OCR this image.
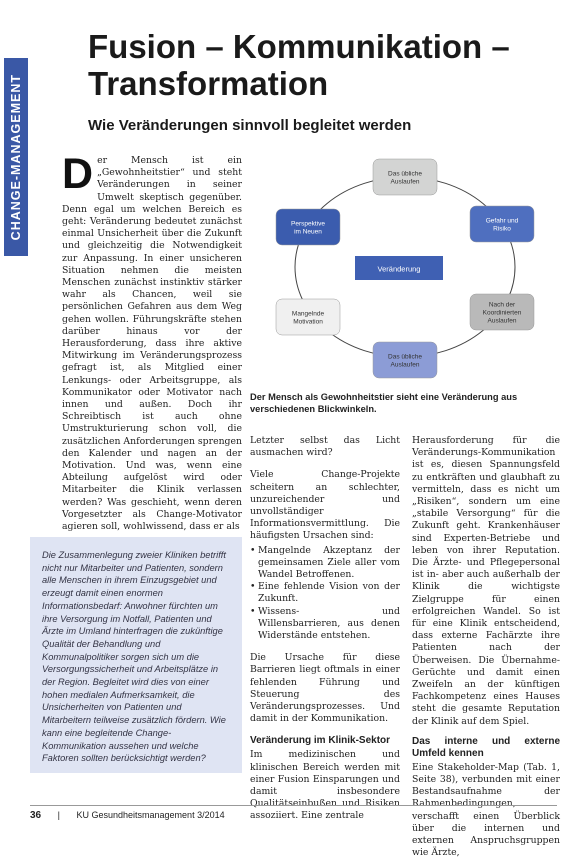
CHANGE-MANAGEMENT
Fusion – Kommunikation –
Transformation
Wie Veränderungen sinnvoll begleitet werden
D er Mensch ist ein „Gewohnheitstier“ und steht Veränderungen in seiner Umwelt skeptisch gegenüber. Denn egal um welchen Bereich es geht: Veränderung bedeutet zunächst einmal Unsicherheit über die Zukunft und gleichzeitig die Notwendigkeit zur Anpassung. In einer unsicheren Situation nehmen die meisten Menschen zunächst instinktiv stärker wahr als Chancen, weil sie persönlichen Gefahren aus dem Weg gehen wollen. Führungskräfte stehen darüber hinaus vor der Herausforderung, dass ihre aktive Mitwirkung im Veränderungsprozess gefragt ist, als Mitglied einer Lenkungs- oder Arbeitsgruppe, als Kommunikator oder Motivator nach innen und außen. Doch ihr Schreibtisch ist auch ohne Umstrukturierung schon voll, die zusätzlichen Anforderungen sprengen den Kalender und nagen an der Motivation. Und was, wenn eine Abteilung aufgelöst wird oder Mitarbeiter die Klinik verlassen werden? Was geschieht, wenn deren Vorgesetzter als Change-Motivator agieren soll, wohlwissend, dass er als

Die Zusammenlegung zweier Kliniken betrifft nicht nur Mitarbeiter und Patienten, sondern alle Menschen in ihrem Einzugsgebiet und erzeugt damit einen enormen Informationsbedarf: Anwohner fürchten um ihre Versorgung im Notfall, Patienten und Ärzte im Umland hinterfragen die zukünftige Qualität der Behandlung und Kommunalpolitiker sorgen sich um die Versorgungssicherheit und Arbeitsplätze in der Region. Begleitet wird dies von einer hohen medialen Aufmerksamkeit, die Unsicherheiten von Patienten und Mitarbeitern teilweise zusätzlich fördern. Wie kann eine begleitende Change-Kommunikation aussehen und welche Faktoren sollten berücksichtigt werden?

Das übliche
Auslaufen
Gefahr und
Risiko
Nach der
Koordinierten
Auslaufen
Das übliche
Auslaufen
Mangelnde
Motivation
Perspektive
im Neuen
Veränderung

Der Mensch als Gewohnheitstier sieht eine Veränderung aus verschiedenen Blickwinkeln.

Letzter selbst das Licht ausmachen wird?

Viele Change-Projekte scheitern an schlechter, unzureichender und unvollständiger Informationsvermittlung. Die häufigsten Ursachen sind:

• Mangelnde Akzeptanz der gemeinsamen Ziele aller vom Wandel Betroffenen.
• Eine fehlende Vision von der Zukunft.
• Wissens- und Willensbarrieren, aus denen Widerstände entstehen.

Die Ursache für diese Barrieren liegt oftmals in einer fehlenden Führung und Steuerung des Veränderungsprozesses. Und damit in der Kommunikation.

Veränderung im Klinik-Sektor

Im medizinischen und klinischen Bereich werden mit einer Fusion Einsparungen und damit insbesondere Qualitätseinbußen und Risiken assoziiert. Eine zentrale

Herausforderung für die Veränderungs-Kommunikation ist es, diesen Spannungsfeld zu entkräften und glaubhaft zu vermitteln, dass es nicht um „Risiken“, sondern um eine „stabile Versorgung“ für die Zukunft geht. Krankenhäuser sind Experten-Betriebe und leben von ihrer Reputation. Die Ärzte- und Pflegepersonal ist in- aber auch außerhalb der Klinik die wichtigste Zielgruppe für einen erfolgreichen Wandel. So ist für eine Klinik entscheidend, dass externe Fachärzte ihre Patienten nach der Überweisen. Die Übernahme-Gerüchte und damit einen Zweifeln an der künftigen Fachkompetenz eines Hauses steht die gesamte Reputation der Klinik auf dem Spiel.

Das interne und externe Umfeld kennen

Eine Stakeholder-Map (Tab. 1, Seite 38), verbunden mit einer Bestandsaufnahme der Rahmenbedingungen, verschafft einen Überblick über die internen und externen Anspruchsgruppen wie Ärzte,

36 | KU Gesundheitsmanagement 3/2014
